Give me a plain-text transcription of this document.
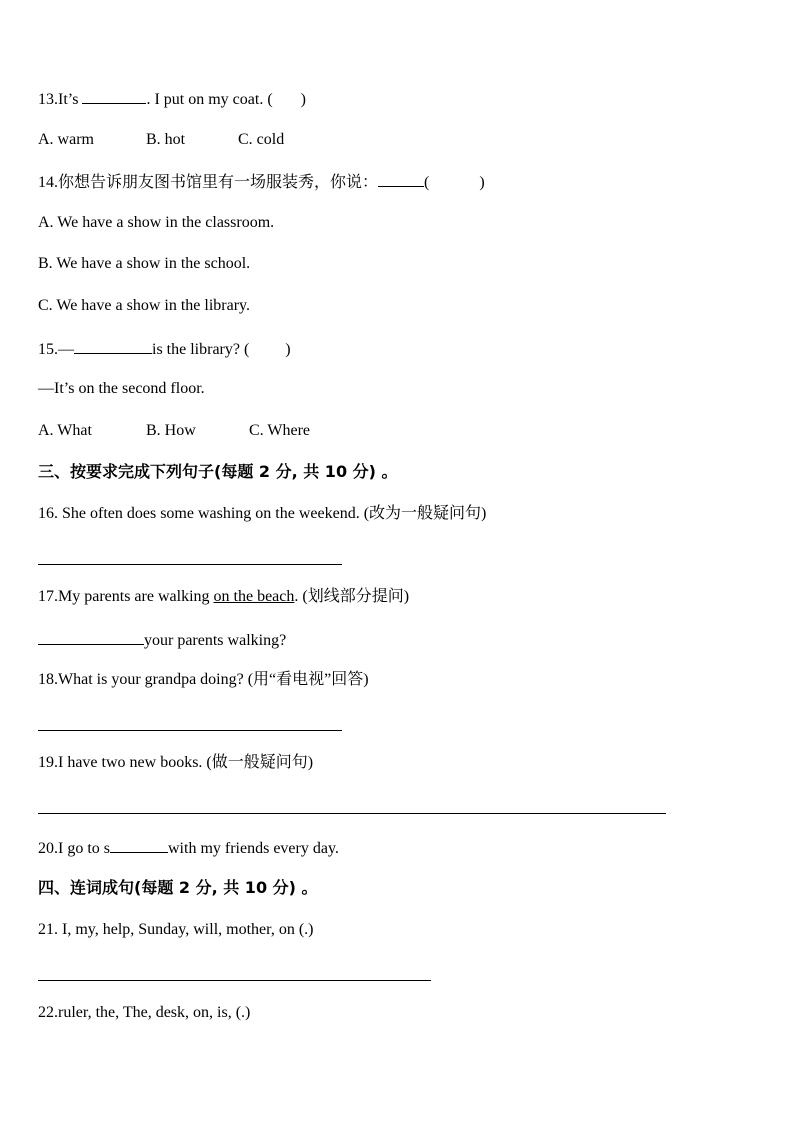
13.It’s	. I put on my coat. ( )
A. warm	B. hot	C. cold
14.你想告诉朋友图书馆里有一场服装秀，你说：	(	)
A. We have a show in the classroom.
B. We have a show in the school.
C. We have a show in the library.
15.—	is the library? ( )
—It’s on the second floor.
A. What	B. How	C. Where
三、按要求完成下列句子(每题 2 分, 共 10 分) 。
16. She often does some washing on the weekend. (改为一般疑问句)
17.My parents are walking on the beach. (划线部分提问)
your parents walking?
18.What is your grandpa doing? (用“看电视”回答)
19.I have two new books. (做一般疑问句)
20.I go to s	with my friends every day.
四、连词成句(每题 2 分, 共 10 分) 。
21. I, my, help, Sunday, will, mother, on (.)
22.ruler, the, The, desk, on, is, (.)
